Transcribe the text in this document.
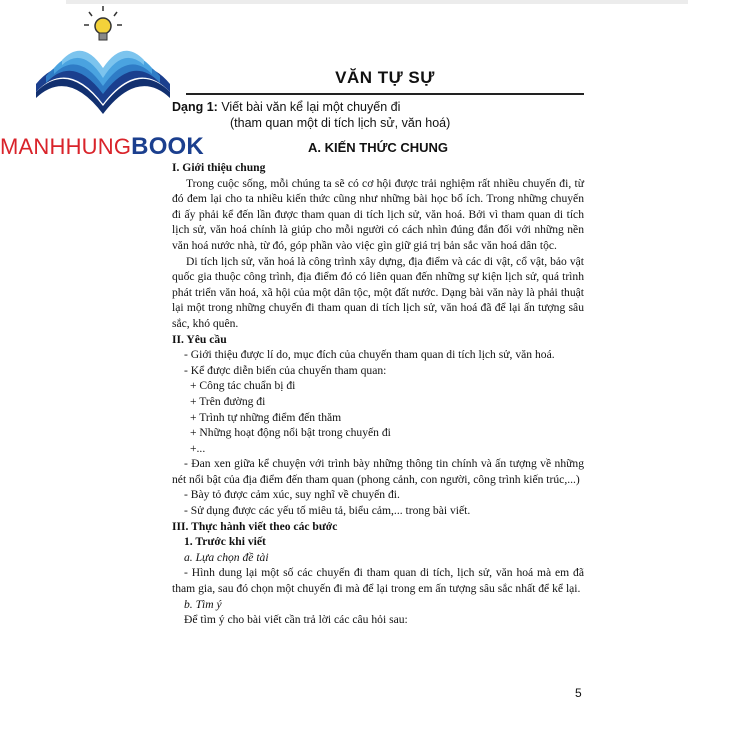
MANHHUNGBOOK
VĂN TỰ SỰ
Dạng 1: Viết bài văn kể lại một chuyến đi
(tham quan một di tích lịch sử, văn hoá)
A. KIẾN THỨC CHUNG
I. Giới thiệu chung

Trong cuộc sống, mỗi chúng ta sẽ có cơ hội được trải nghiệm rất nhiều chuyến đi, từ đó đem lại cho ta nhiều kiến thức cũng như những bài học bổ ích. Trong những chuyến đi ấy phải kể đến lần được tham quan di tích lịch sử, văn hoá. Bởi vì tham quan di tích lịch sử, văn hoá chính là giúp cho mỗi người có cách nhìn đúng đắn đối với những nền văn hoá nước nhà, từ đó, góp phần vào việc gìn giữ giá trị bản sắc văn hoá dân tộc.

Di tích lịch sử, văn hoá là công trình xây dựng, địa điểm và các di vật, cổ vật, bảo vật quốc gia thuộc công trình, địa điểm đó có liên quan đến những sự kiện lịch sử, quá trình phát triển văn hoá, xã hội của một dân tộc, một đất nước. Dạng bài văn này là phải thuật lại một trong những chuyến đi tham quan di tích lịch sử, văn hoá đã để lại ấn tượng sâu sắc, khó quên.

II. Yêu cầu
- Giới thiệu được lí do, mục đích của chuyến tham quan di tích lịch sử, văn hoá.
- Kể được diễn biến của chuyến tham quan:
+ Công tác chuẩn bị đi
+ Trên đường đi
+ Trình tự những điểm đến thăm
+ Những hoạt động nổi bật trong chuyến đi
+...

- Đan xen giữa kể chuyện với trình bày những thông tin chính và ấn tượng về những nét nổi bật của địa điểm đến tham quan (phong cảnh, con người, công trình kiến trúc,...)

- Bày tỏ được cảm xúc, suy nghĩ về chuyến đi.
- Sử dụng được các yếu tố miêu tả, biểu cảm,... trong bài viết.
III. Thực hành viết theo các bước
1. Trước khi viết
a. Lựa chọn đề tài

- Hình dung lại một số các chuyến đi tham quan di tích, lịch sử, văn hoá mà em đã tham gia, sau đó chọn một chuyến đi mà để lại trong em ấn tượng sâu sắc nhất để kể lại.

b. Tìm ý
Để tìm ý cho bài viết cần trả lời các câu hỏi sau:
5
